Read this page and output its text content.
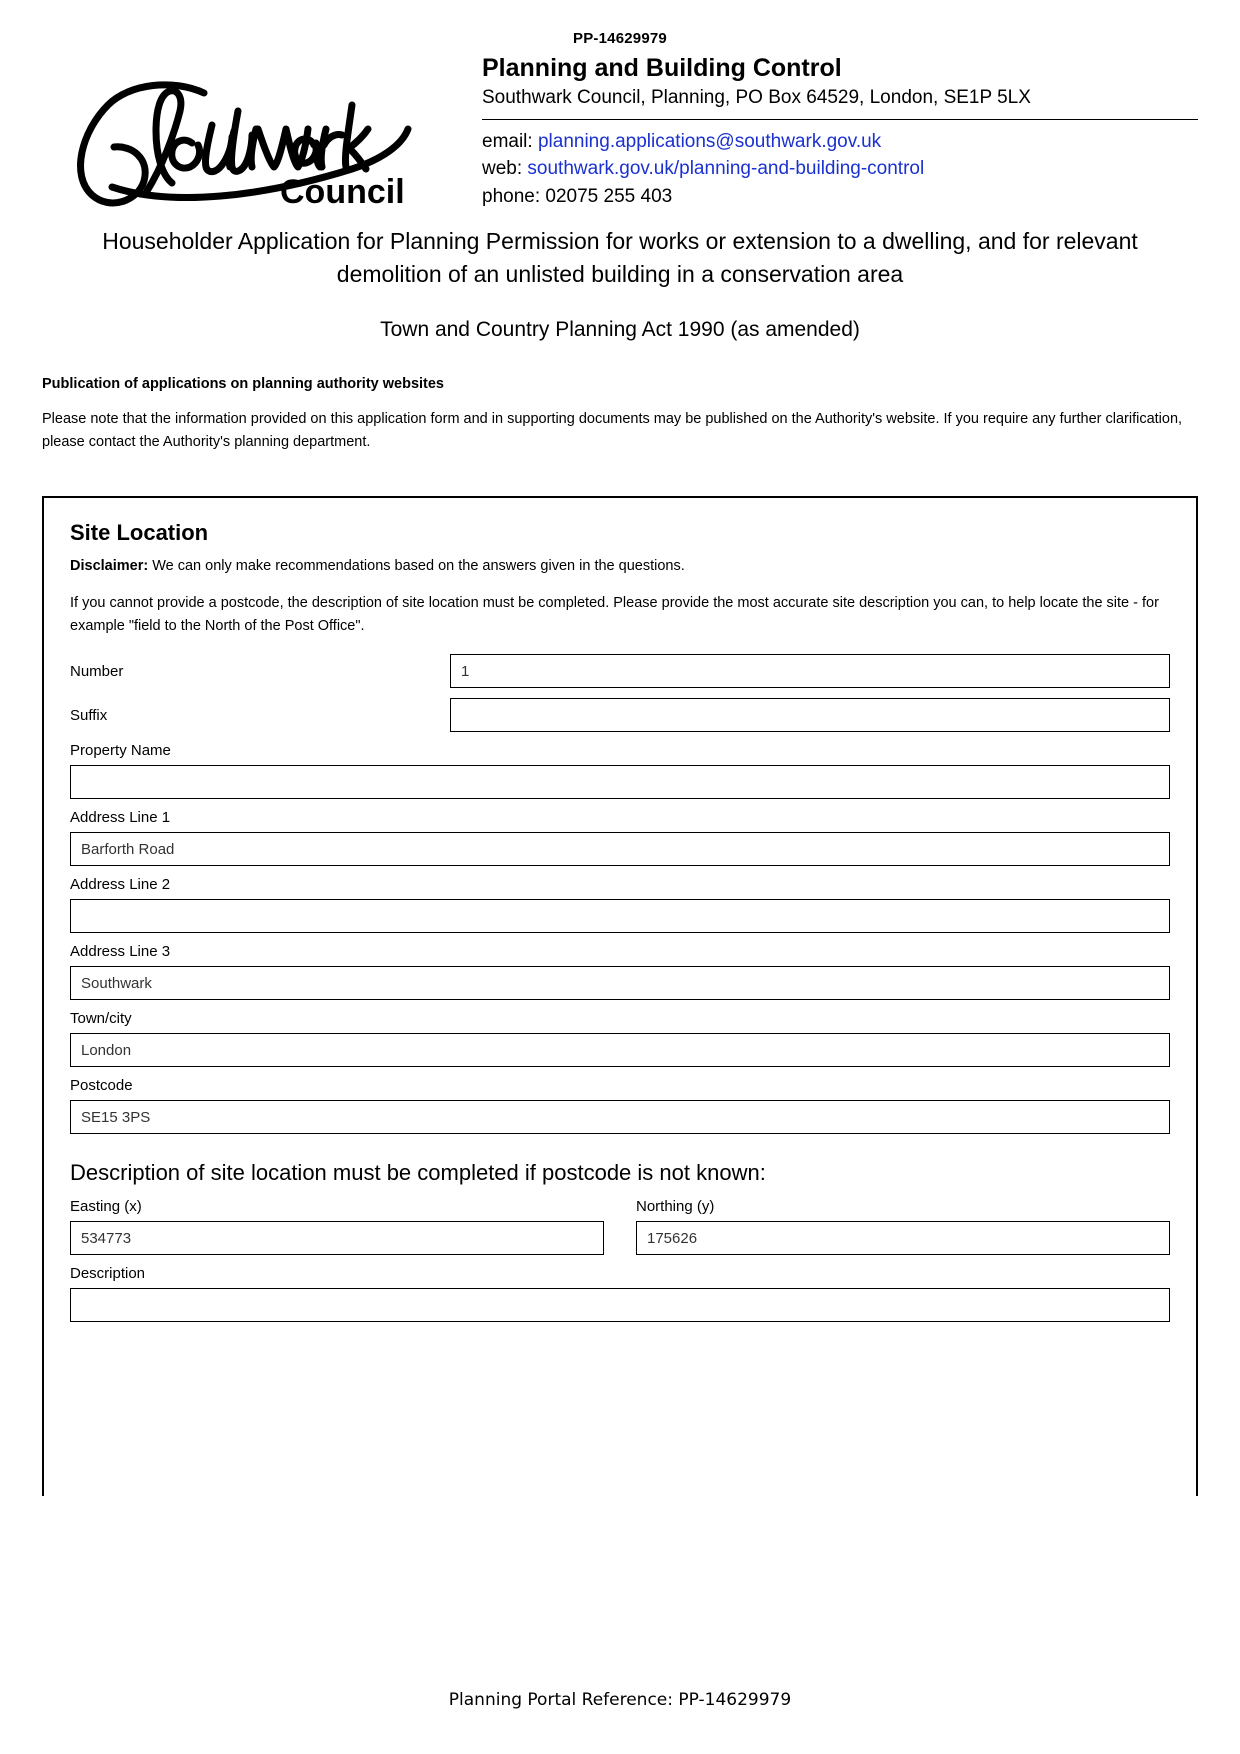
PP-14629979
Council
Planning and Building Control
Southwark Council, Planning, PO Box 64529, London, SE1P 5LX
email: planning.applications@southwark.gov.uk
web: southwark.gov.uk/planning-and-building-control
phone: 02075 255 403
Householder Application for Planning Permission for works or extension to a dwelling, and for relevant demolition of an unlisted building in a conservation area
Town and Country Planning Act 1990 (as amended)
Publication of applications on planning authority websites
Please note that the information provided on this application form and in supporting documents may be published on the Authority's website. If you require any further clarification, please contact the Authority's planning department.
Site Location
Disclaimer: We can only make recommendations based on the answers given in the questions.
If you cannot provide a postcode, the description of site location must be completed. Please provide the most accurate site description you can, to help locate the site - for example "field to the North of the Post Office".
Number	1
Suffix
Property Name
Address Line 1
Barforth Road
Address Line 2
Address Line 3
Southwark
Town/city
London
Postcode
SE15 3PS
Description of site location must be completed if postcode is not known:
Easting (x)
534773
Northing (y)
175626
Description
Planning Portal Reference: PP-14629979
